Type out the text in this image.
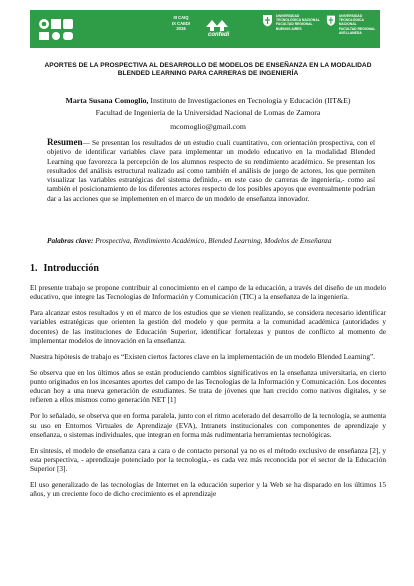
III CAIQ
IX CAEDI
2016
confedi
UNIVERSIDAD
TECNOLÓGICA NACIONAL
FACULTAD REGIONAL
BUENOS AIRES
UNIVERSIDAD
TECNOLÓGICA NACIONAL
FACULTAD REGIONAL
AVELLANEDA
UNIVERSIDAD NACIONAL
DE AVELLANEDA
APORTES DE LA PROSPECTIVA AL DESARROLLO DE MODELOS DE ENSEÑANZA EN LA MODALIDAD BLENDED LEARNING PARA CARRERAS DE INGENIERÍA
Marta Susana Comoglio, Instituto de Investigaciones en Tecnología y Educación (IIT&E)
Facultad de Ingeniería de la Universidad Nacional de Lomas de Zamora
mcomoglio@gmail.com
Resumen— Se presentan los resultados de un estudio cuali cuantitativo, con orientación prospectiva, con el objetivo de identificar variables clave para implementar un modelo educativo en la modalidad Blended Learning que favorezca la percepción de los alumnos respecto de su rendimiento académico. Se presentan los resultados del análisis estructural realizado así como también el análisis de juego de actores, los que permiten visualizar las variables estratégicas del sistema definido,- en este caso de carreras de ingeniería,- como así también el posicionamiento de los diferentes actores respecto de los posibles apoyos que eventualmente podrían dar a las acciones que se implementen en el marco de un modelo de enseñanza innovador.
Palabras clave: Prospectiva, Rendimiento Académico, Blended Learning, Modelos de Enseñanza
1. Introducción

El presente trabajo se propone contribuir al conocimiento en el campo de la educación, a través del diseño de un modelo educativo, que integre las Tecnologías de Información y Comunicación (TIC) a la enseñanza de la ingeniería.

Para alcanzar estos resultados y en el marco de los estudios que se vienen realizando, se considera necesario identificar variables estratégicas que orienten la gestión del modelo y que permita a la comunidad académica (autoridades y docentes) de las instituciones de Educación Superior, identificar fortalezas y puntos de conflicto al momento de implementar modelos de innovación en la enseñanza.

Nuestra hipótesis de trabajo es “Existen ciertos factores clave en la implementación de un modelo Blended Learning”.

Se observa que en los últimos años se están produciendo cambios significativos en la enseñanza universitaria, en cierto punto originados en los incesantes aportes del campo de las Tecnologías de la Información y Comunicación. Los docentes educan hoy a una nueva generación de estudiantes. Se trata de jóvenes que han crecido como nativos digitales, y se refieren a ellos mismos como generación NET [1]

Por lo señalado, se observa que en forma paralela, junto con el ritmo acelerado del desarrollo de la tecnología, se aumenta su uso en Entornos Virtuales de Aprendizaje (EVA), Intranets institucionales con componentes de aprendizaje y enseñanza, o sistemas individuales, que integran en forma más rudimentaria herramientas tecnológicas.

En síntesis, el modelo de enseñanza cara a cara o de contacto personal ya no es el método exclusivo de enseñanza [2], y esta perspectiva, - aprendizaje potenciado por la tecnología,- es cada vez más reconocida por el sector de la Educación Superior [3].

El uso generalizado de las tecnologías de Internet en la educación superior y la Web se ha disparado en los últimos 15 años, y un creciente foco de dicho crecimiento es el aprendizaje
